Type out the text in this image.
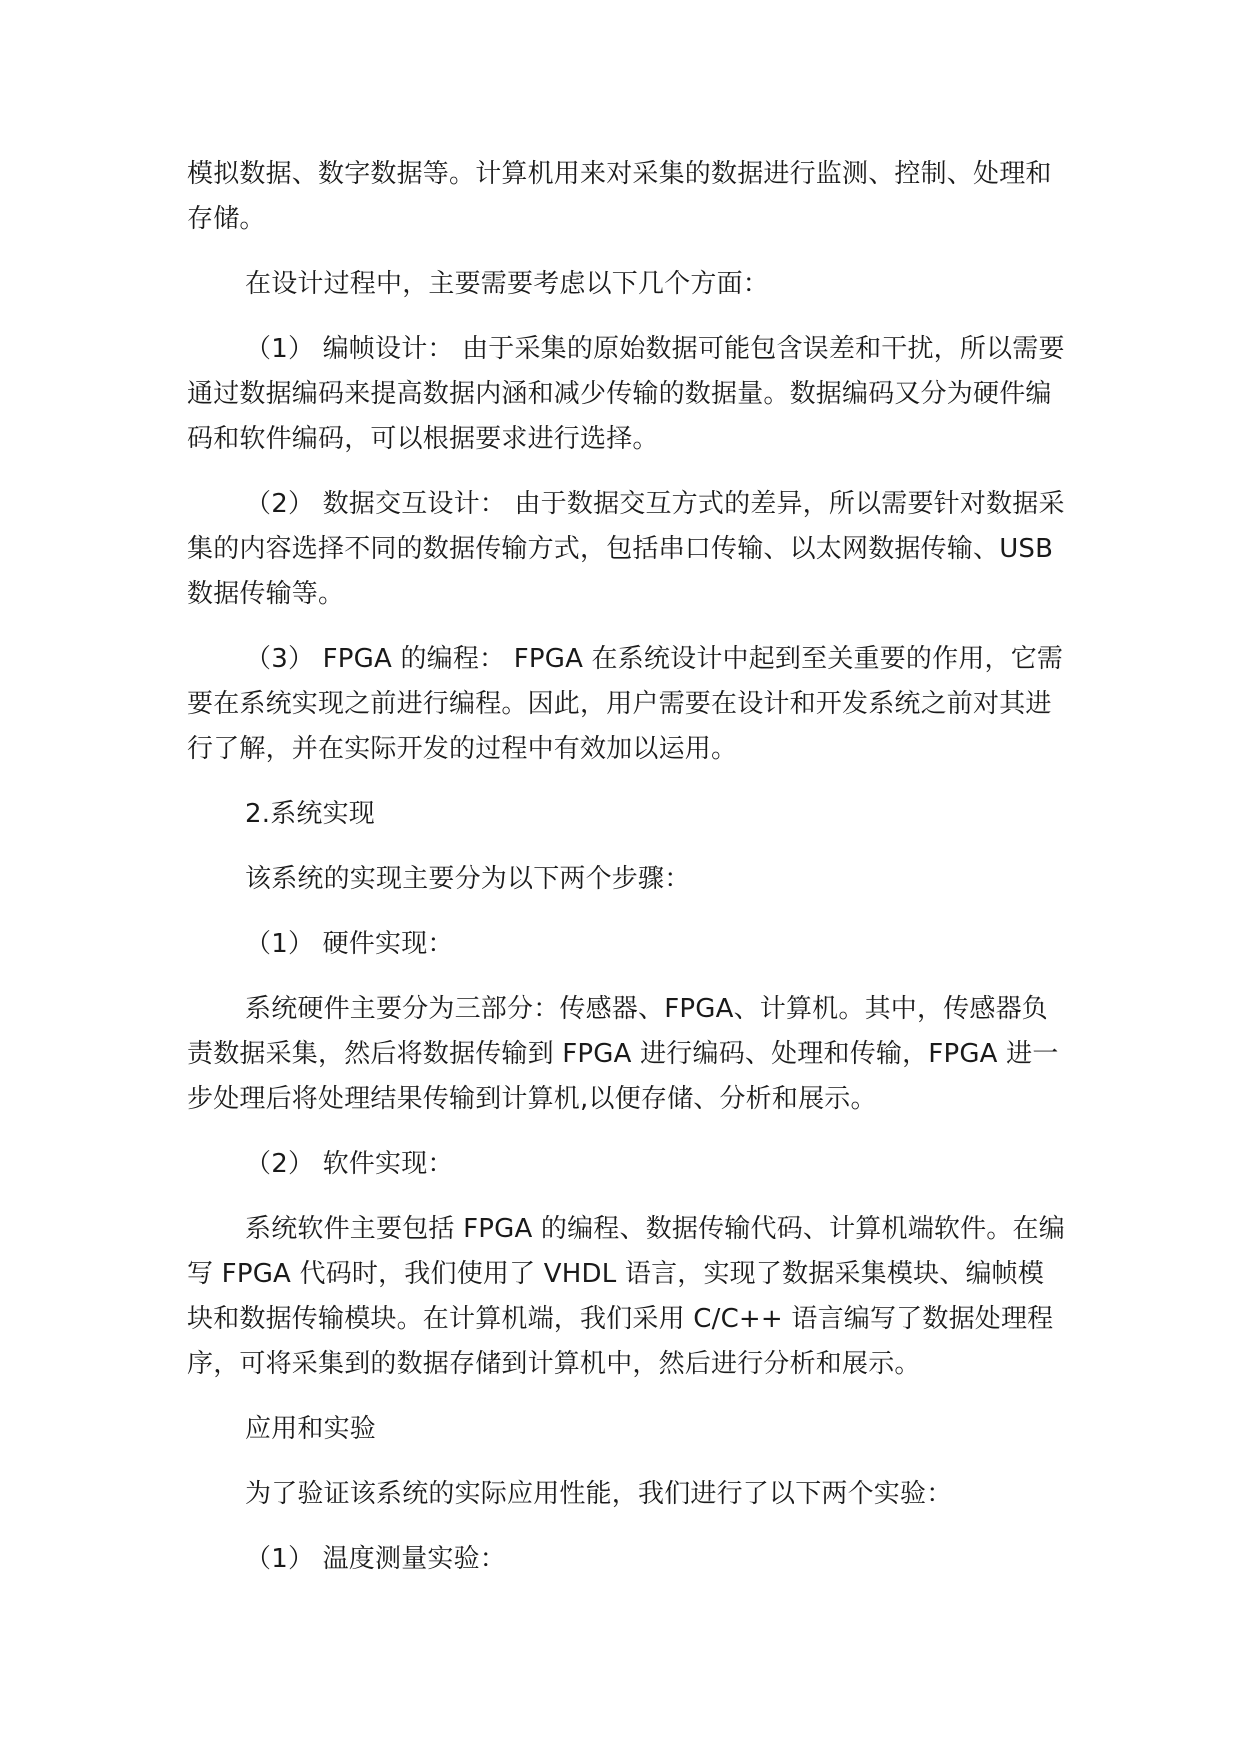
模拟数据、数字数据等。计算机用来对采集的数据进行监测、控制、处理和存储。

在设计过程中，主要需要考虑以下几个方面：

（1） 编帧设计： 由于采集的原始数据可能包含误差和干扰，所以需要通过数据编码来提高数据内涵和减少传输的数据量。数据编码又分为硬件编码和软件编码，可以根据要求进行选择。

（2） 数据交互设计： 由于数据交互方式的差异，所以需要针对数据采集的内容选择不同的数据传输方式，包括串口传输、以太网数据传输、USB 数据传输等。

（3） FPGA 的编程： FPGA 在系统设计中起到至关重要的作用，它需要在系统实现之前进行编程。因此，用户需要在设计和开发系统之前对其进行了解，并在实际开发的过程中有效加以运用。

2.系统实现

该系统的实现主要分为以下两个步骤：

（1） 硬件实现：

系统硬件主要分为三部分：传感器、FPGA、计算机。其中，传感器负责数据采集，然后将数据传输到 FPGA 进行编码、处理和传输，FPGA 进一步处理后将处理结果传输到计算机,以便存储、分析和展示。

（2） 软件实现：

系统软件主要包括 FPGA 的编程、数据传输代码、计算机端软件。在编写 FPGA 代码时，我们使用了 VHDL 语言，实现了数据采集模块、编帧模块和数据传输模块。在计算机端，我们采用 C/C++ 语言编写了数据处理程序，可将采集到的数据存储到计算机中，然后进行分析和展示。

应用和实验

为了验证该系统的实际应用性能，我们进行了以下两个实验：

（1） 温度测量实验：
